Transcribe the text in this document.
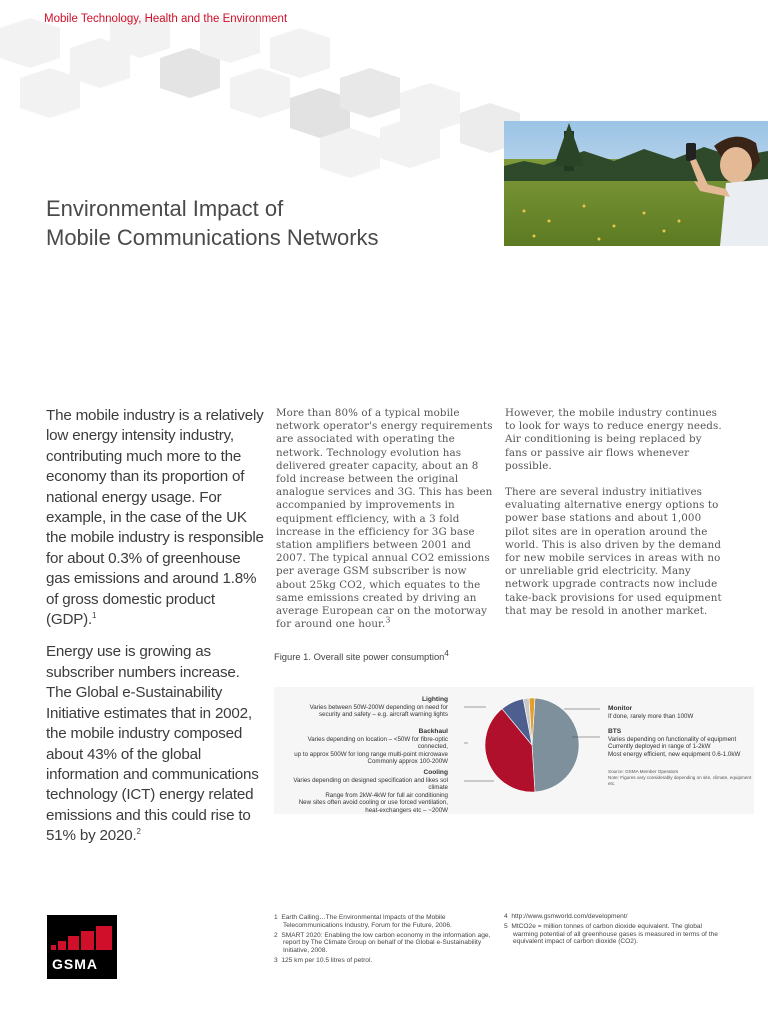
Mobile Technology, Health and the Environment
Environmental Impact of
Mobile Communications Networks

The mobile industry is a relatively low energy intensity industry, contributing much more to the economy than its proportion of national energy usage. For example, in the case of the UK the mobile industry is responsible for about 0.3% of greenhouse gas emissions and around 1.8% of gross domestic product (GDP).$^1$

Energy use is growing as subscriber numbers increase. The Global e-Sustainability Initiative estimates that in 2002, the mobile industry composed about 43% of the global information and communications technology (ICT) energy related emissions and this could rise to 51% by 2020.$^2$

More than 80% of a typical mobile network operator's energy requirements are associated with operating the network. Technology evolution has delivered greater capacity, about an 8 fold increase between the original analogue services and 3G. This has been accompanied by improvements in equipment efficiency, with a 3 fold increase in the efficiency for 3G base station amplifiers between 2001 and 2007. The typical annual CO2 emissions per average GSM subscriber is now about 25kg CO2, which equates to the same emissions created by driving an average European car on the motorway for around one hour.$^3$

However, the mobile industry continues to look for ways to reduce energy needs. Air conditioning is being replaced by fans or passive air flows whenever possible.

There are several industry initiatives evaluating alternative energy options to power base stations and about 1,000 pilot sites are in operation around the world. This is also driven by the demand for new mobile services in areas with no or unreliable grid electricity. Many network upgrade contracts now include take-back provisions for used equipment that may be resold in another market.

Figure 1. Overall site power consumption4
Lighting
Varies between 50W-200W depending on need for
security and safety – e.g. aircraft warning lights
Backhaul
Varies depending on location – <50W for fibre-optic connected,
up to approx 500W for long range multi-point microwave
Commonly approx 100-200W
Cooling
Varies depending on designed specification and likes sol climate
Range from 2kW-4kW for full air conditioning
New sites often avoid cooling or use forced ventilation,
heat-exchangers etc – ~200W
Monitor
If done, rarely more than 100W
BTS
Varies depending on functionality of equipment
Currently deployed in range of 1-2kW
Most energy efficient, new equipment 0.6-1.0kW
Source: GSMA Member Operators
Note: Figures vary considerably depending on site, climate, equipment etc.
GSMA

1 Earth Calling…The Environmental Impacts of the Mobile Telecommunications Industry, Forum for the Future, 2006.

2 SMART 2020: Enabling the low carbon economy in the information age, report by The Climate Group on behalf of the Global e-Sustainability Initiative, 2008.

3 125 km per 10.5 litres of petrol.

4 http://www.gsmworld.com/development/

5 MtCO2e = million tonnes of carbon dioxide equivalent. The global warming potential of all greenhouse gases is measured in terms of the equivalent impact of carbon dioxide (CO2).
